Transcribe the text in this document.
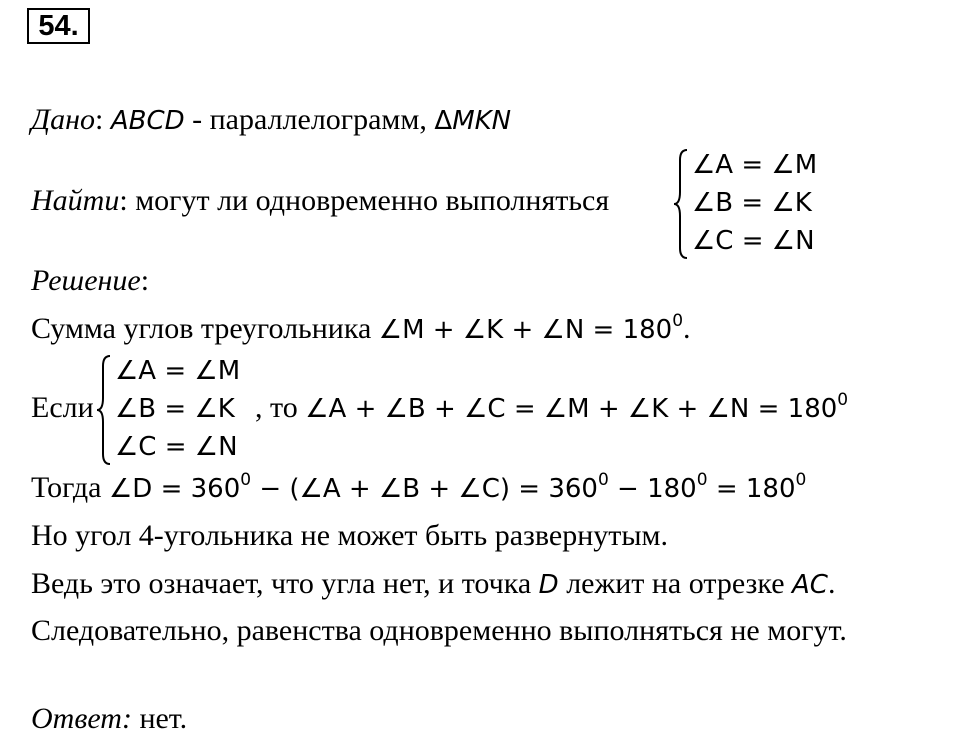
54.
Дано: ABCD - параллелограмм, ΔMKN
Найти: могут ли одновременно выполняться
∠A = ∠M
∠B = ∠K
∠C = ∠N
Решение:
Сумма углов треугольника ∠M + ∠K + ∠N = $180^0$.
Если
∠A = ∠M
∠B = ∠K
∠C = ∠N
, то ∠A + ∠B + ∠C = ∠M + ∠K + ∠N = $180^0$
Тогда ∠D = $360^0$ − (∠A + ∠B + ∠C) = $360^0 - 180^0 = 180^0$
Но угол 4-угольника не может быть развернутым.
Ведь это означает, что угла нет, и точка D лежит на отрезке AC.
Следовательно, равенства одновременно выполняться не могут.
Ответ: нет.
